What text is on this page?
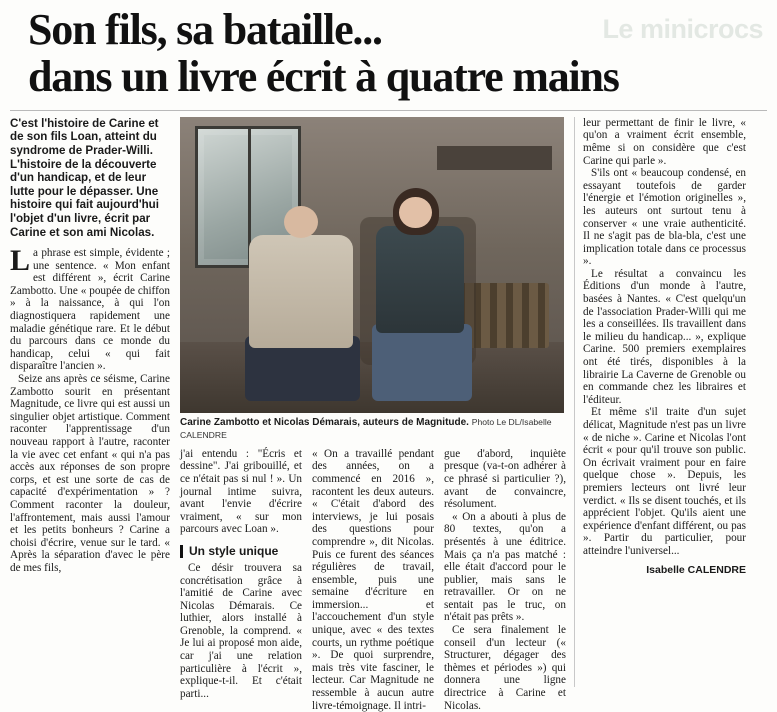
Le minicrocs
Son fils, sa bataille...
dans un livre écrit à quatre mains
C'est l'histoire de Carine et de son fils Loan, atteint du syndrome de Prader-Willi. L'histoire de la découverte d'un handicap, et de leur lutte pour le dépasser. Une histoire qui fait aujourd'hui l'objet d'un livre, écrit par Carine et son ami Nicolas.
L a phrase est simple, évidente ; une sentence. « Mon enfant est différent », écrit Carine Zambotto. Une « poupée de chiffon » à la naissance, à qui l'on diagnostiquera rapidement une maladie génétique rare. Et le début du parcours dans ce monde du handicap, celui « qui fait disparaître l'ancien ».

Seize ans après ce séisme, Carine Zambotto sourit en présentant Magnitude, ce livre qui est aussi un singulier objet artistique. Comment raconter l'apprentissage d'un nouveau rapport à l'autre, raconter la vie avec cet enfant « qui n'a pas accès aux réponses de son propre corps, et est une sorte de cas de capacité d'expérimentation » ? Comment raconter la douleur, l'affrontement, mais aussi l'amour et les petits bonheurs ? Carine a choisi d'écrire, venue sur le tard. « Après la séparation d'avec le père de mes fils,

Carine Zambotto et Nicolas Démarais, auteurs de Magnitude. Photo Le DL/Isabelle CALENDRE

j'ai entendu : "Écris et dessine". J'ai gribouillé, et ce n'était pas si nul ! ». Un journal intime suivra, avant l'envie d'écrire vraiment, « sur mon parcours avec Loan ».

Un style unique

Ce désir trouvera sa concrétisation grâce à l'amitié de Carine avec Nicolas Démarais. Ce luthier, alors installé à Grenoble, la comprend. « Je lui ai proposé mon aide, car j'ai une relation particulière à l'écrit », explique-t-il. Et c'était parti...

« On a travaillé pendant des années, on a commencé en 2016 », racontent les deux auteurs. « C'était d'abord des interviews, je lui posais des questions pour comprendre », dit Nicolas. Puis ce furent des séances régulières de travail, ensemble, puis une semaine d'écriture en immersion... et l'accouchement d'un style unique, avec « des textes courts, un rythme poétique ». De quoi surprendre, mais très vite fasciner, le lecteur. Car Magnitude ne ressemble à aucun autre livre-témoignage. Il intri-

gue d'abord, inquiète presque (va-t-on adhérer à ce phrasé si particulier ?), avant de convaincre, résolument.

« On a abouti à plus de 80 textes, qu'on a présentés à une éditrice. Mais ça n'a pas matché : elle était d'accord pour le publier, mais sans le retravailler. Or on ne sentait pas le truc, on n'était pas prêts ».

Ce sera finalement le conseil d'un lecteur (« Structurer, dégager des thèmes et périodes ») qui donnera une ligne directrice à Carine et Nicolas.

leur permettant de finir le livre, « qu'on a vraiment écrit ensemble, même si on considère que c'est Carine qui parle ».

S'ils ont « beaucoup condensé, en essayant toutefois de garder l'énergie et l'émotion originelles », les auteurs ont surtout tenu à conserver « une vraie authenticité. Il ne s'agit pas de bla-bla, c'est une implication totale dans ce processus ».

Le résultat a convaincu les Éditions d'un monde à l'autre, basées à Nantes. « C'est quelqu'un de l'association Prader-Willi qui me les a conseillées. Ils travaillent dans le milieu du handicap... », explique Carine. 500 premiers exemplaires ont été tirés, disponibles à la librairie La Caverne de Grenoble ou en commande chez les libraires et l'éditeur.

Et même s'il traite d'un sujet délicat, Magnitude n'est pas un livre « de niche ». Carine et Nicolas l'ont écrit « pour qu'il trouve son public. On écrivait vraiment pour en faire quelque chose ». Depuis, les premiers lecteurs ont livré leur verdict. « Ils se disent touchés, et ils apprécient l'objet. Qu'ils aient une expérience d'enfant différent, ou pas ». Partir du particulier, pour atteindre l'universel...

Isabelle CALENDRE
